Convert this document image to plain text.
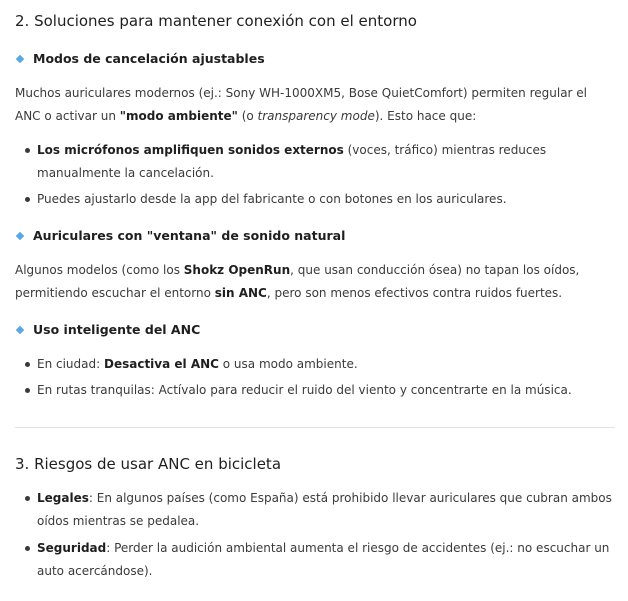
2. Soluciones para mantener conexión con el entorno
Modos de cancelación ajustables

Muchos auriculares modernos (ej.: Sony WH-1000XM5, Bose QuietComfort) permiten regular el ANC o activar un "modo ambiente" (o transparency mode). Esto hace que:

Los micrófonos amplifiquen sonidos externos (voces, tráfico) mientras reduces manualmente la cancelación.

Puedes ajustarlo desde la app del fabricante o con botones en los auriculares.

Auriculares con "ventana" de sonido natural

Algunos modelos (como los Shokz OpenRun, que usan conducción ósea) no tapan los oídos, permitiendo escuchar el entorno sin ANC, pero son menos efectivos contra ruidos fuertes.

Uso inteligente del ANC

En ciudad: Desactiva el ANC o usa modo ambiente.

En rutas tranquilas: Actívalo para reducir el ruido del viento y concentrarte en la música.

3. Riesgos de usar ANC en bicicleta

Legales: En algunos países (como España) está prohibido llevar auriculares que cubran ambos oídos mientras se pedalea.

Seguridad: Perder la audición ambiental aumenta el riesgo de accidentes (ej.: no escuchar un auto acercándose).
